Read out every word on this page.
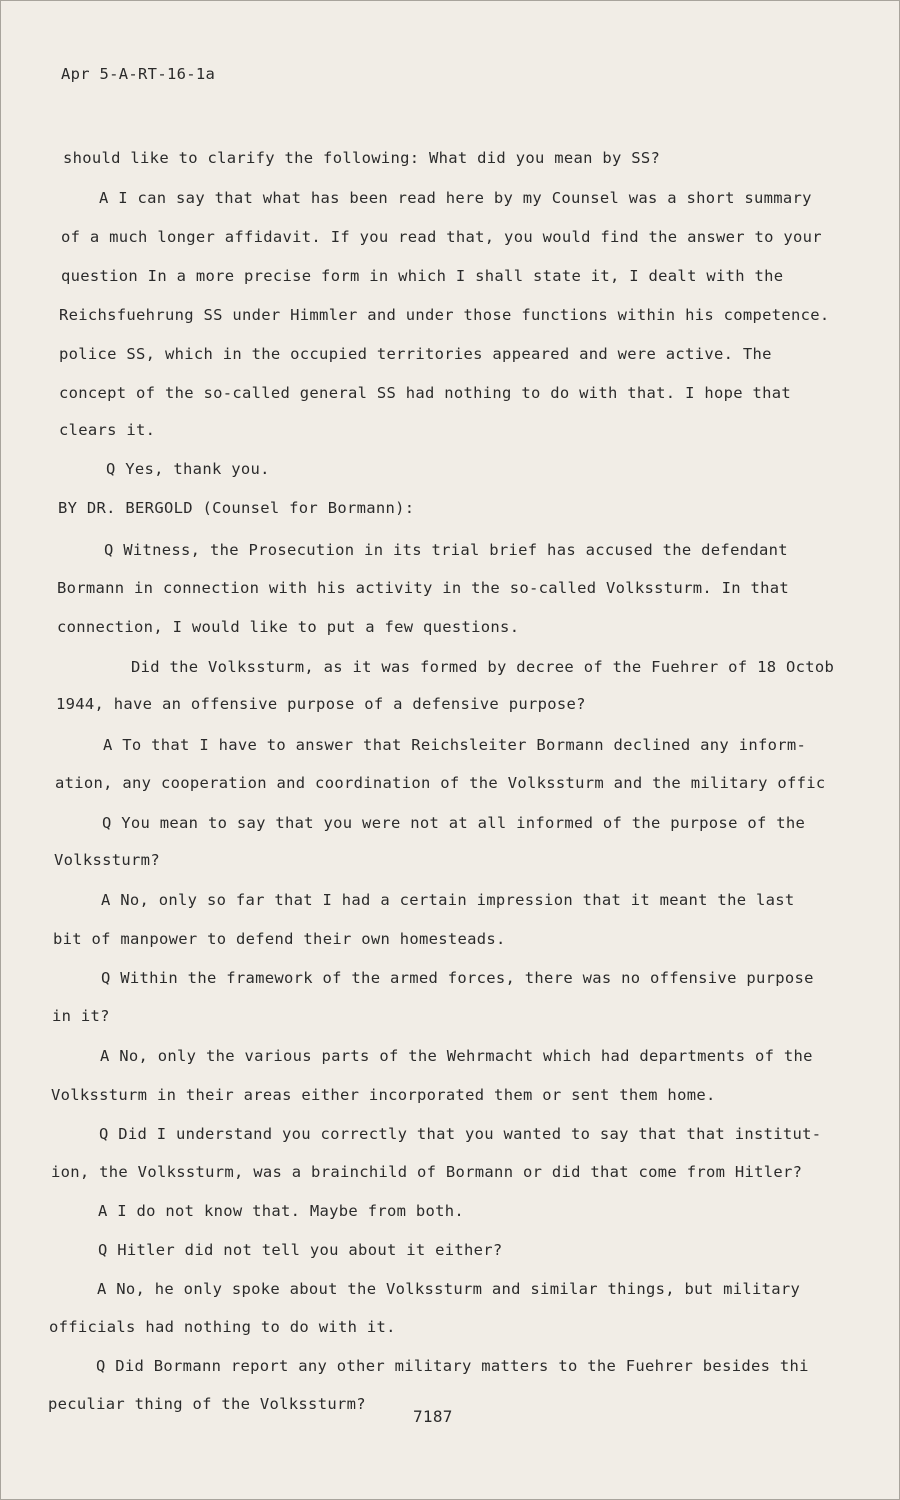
Apr 5-A-RT-16-1a
should like to clarify the following: What did you mean by SS?
A I can say that what has been read here by my Counsel was a short summary
of a much longer affidavit. If you read that, you would find the answer to your
question In a more precise form in which I shall state it, I dealt with the
Reichsfuehrung SS under Himmler and under those functions within his competence.
police SS, which in the occupied territories appeared and were active. The
concept of the so-called general SS had nothing to do with that. I hope that
clears it.
Q Yes, thank you.
BY DR. BERGOLD (Counsel for Bormann):
Q Witness, the Prosecution in its trial brief has accused the defendant
Bormann in connection with his activity in the so-called Volkssturm. In that
connection, I would like to put a few questions.
Did the Volkssturm, as it was formed by decree of the Fuehrer of 18 Octob
1944, have an offensive purpose of a defensive purpose?
A To that I have to answer that Reichsleiter Bormann declined any inform-
ation, any cooperation and coordination of the Volkssturm and the military offic
Q You mean to say that you were not at all informed of the purpose of the
Volkssturm?
A No, only so far that I had a certain impression that it meant the last
bit of manpower to defend their own homesteads.
Q Within the framework of the armed forces, there was no offensive purpose
in it?
A No, only the various parts of the Wehrmacht which had departments of the
Volkssturm in their areas either incorporated them or sent them home.
Q Did I understand you correctly that you wanted to say that that institut-
ion, the Volkssturm, was a brainchild of Bormann or did that come from Hitler?
A I do not know that. Maybe from both.
Q Hitler did not tell you about it either?
A No, he only spoke about the Volkssturm and similar things, but military
officials had nothing to do with it.
Q Did Bormann report any other military matters to the Fuehrer besides thi
peculiar thing of the Volkssturm?
7187
